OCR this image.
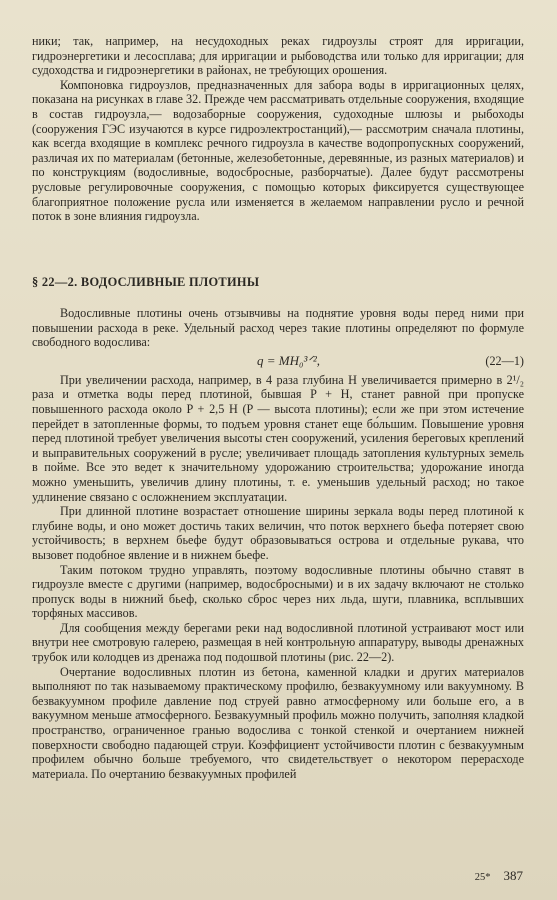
ники; так, например, на несудоходных реках гидроузлы строят для ирригации, гидроэнергетики и лесосплава; для ирригации и рыбоводства или только для ирригации; для судоходства и гидроэнергетики в районах, не требующих орошения.

Компоновка гидроузлов, предназначенных для забора воды в ирригационных целях, показана на рисунках в главе 32. Прежде чем рассматривать отдельные сооружения, входящие в состав гидроузла,— водозаборные сооружения, судоходные шлюзы и рыбоходы (сооружения ГЭС изучаются в курсе гидроэлектростанций),— рассмотрим сначала плотины, как всегда входящие в комплекс речного гидроузла в качестве водопропускных сооружений, различая их по материалам (бетонные, железобетонные, деревянные, из разных материалов) и по конструкциям (водосливные, водосбросные, разборчатые). Далее будут рассмотрены русловые регулировочные сооружения, с помощью которых фиксируется существующее благоприятное положение русла или изменяется в желаемом направлении русло и речной поток в зоне влияния гидроузла.

§ 22—2. ВОДОСЛИВНЫЕ ПЛОТИНЫ

Водосливные плотины очень отзывчивы на поднятие уровня воды перед ними при повышении расхода в реке. Удельный расход через такие плотины определяют по формуле свободного водослива:

q = MH₀³ᐟ²,	(22—1)

При увеличении расхода, например, в 4 раза глубина H увеличивается примерно в 2¹/₂ раза и отметка воды перед плотиной, бывшая P + H, станет равной при пропуске повышенного расхода около P + 2,5 H (P — высота плотины); если же при этом истечение перейдет в затопленные формы, то подъем уровня станет еще бо́льшим. Повышение уровня перед плотиной требует увеличения высоты стен сооружений, усиления береговых креплений и выправительных сооружений в русле; увеличивает площадь затопления культурных земель в пойме. Все это ведет к значительному удорожанию строительства; удорожание иногда можно уменьшить, увеличив длину плотины, т. е. уменьшив удельный расход; но такое удлинение связано с осложнением эксплуатации.

При длинной плотине возрастает отношение ширины зеркала воды перед плотиной к глубине воды, и оно может достичь таких величин, что поток верхнего бьефа потеряет свою устойчивость; в верхнем бьефе будут образовываться острова и отдельные рукава, что вызовет подобное явление и в нижнем бьефе.

Таким потоком трудно управлять, поэтому водосливные плотины обычно ставят в гидроузле вместе с другими (например, водосбросными) и в их задачу включают не столько пропуск воды в нижний бьеф, сколько сброс через них льда, шуги, плавника, всплывших торфяных массивов.

Для сообщения между берегами реки над водосливной плотиной устраивают мост или внутри нее смотровую галерею, размещая в ней контрольную аппаратуру, выводы дренажных трубок или колодцев из дренажа под подошвой плотины (рис. 22—2).

Очертание водосливных плотин из бетона, каменной кладки и других материалов выполняют по так называемому практическому профилю, безвакуумному или вакуумному. В безвакуумном профиле давление под струей равно атмосферному или больше его, а в вакуумном меньше атмосферного. Безвакуумный профиль можно получить, заполняя кладкой пространство, ограниченное гранью водослива с тонкой стенкой и очертанием нижней поверхности свободно падающей струи. Коэффициент устойчивости плотин с безвакуумным профилем обычно больше требуемого, что свидетельствует о некотором перерасходе материала. По очертанию безвакуумных профилей

25* 387
